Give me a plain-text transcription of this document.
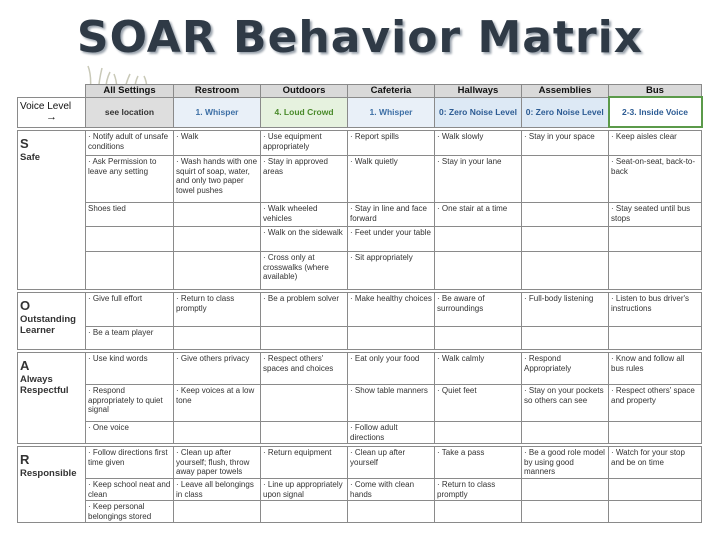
SOAR Behavior Matrix
	All Settings	Restroom	Outdoors	Cafeteria	Hallways	Assemblies	Bus
Voice Level
→	see location	1. Whisper	4. Loud Crowd	1. Whisper	0: Zero Noise Level	0: Zero Noise Level	2-3. Inside Voice

S
Safe	· Notify adult of unsafe conditions	· Walk	· Use equipment appropriately	· Report spills	· Walk slowly	· Stay in your space	· Keep aisles clear
	· Ask Permission to leave any setting	· Wash hands with one squirt of soap, water, and only two paper towel pushes	· Stay in approved areas	· Walk quietly	· Stay in your lane		· Seat-on-seat, back-to-back
	Shoes tied		· Walk wheeled vehicles	· Stay in line and face forward	· One stair at a time		· Stay seated until bus stops
			· Walk on the sidewalk	· Feet under your table			
			· Cross only at crosswalks (where available)	· Sit appropriately			

O
Outstanding Learner	· Give full effort	· Return to class promptly	· Be a problem solver	· Make healthy choices	· Be aware of surroundings	· Full-body listening	· Listen to bus driver's instructions
	· Be a team player						

A
Always Respectful	· Use kind words	· Give others privacy	· Respect others' spaces and choices	· Eat only your food	· Walk calmly	· Respond Appropriately	· Know and follow all bus rules
	· Respond appropriately to quiet signal	· Keep voices at a low tone		· Show table manners	· Quiet feet	· Stay on your pockets so others can see	· Respect others' space and property
	· One voice			· Follow adult directions			

R
Responsible	· Follow directions first time given	· Clean up after yourself; flush, throw away paper towels	· Return equipment	· Clean up after yourself	· Take a pass	· Be a good role model by using good manners	· Watch for your stop and be on time
	· Keep school neat and clean	· Leave all belongings in class	· Line up appropriately upon signal	· Come with clean hands	· Return to class promptly		
	· Keep personal belongings stored						
